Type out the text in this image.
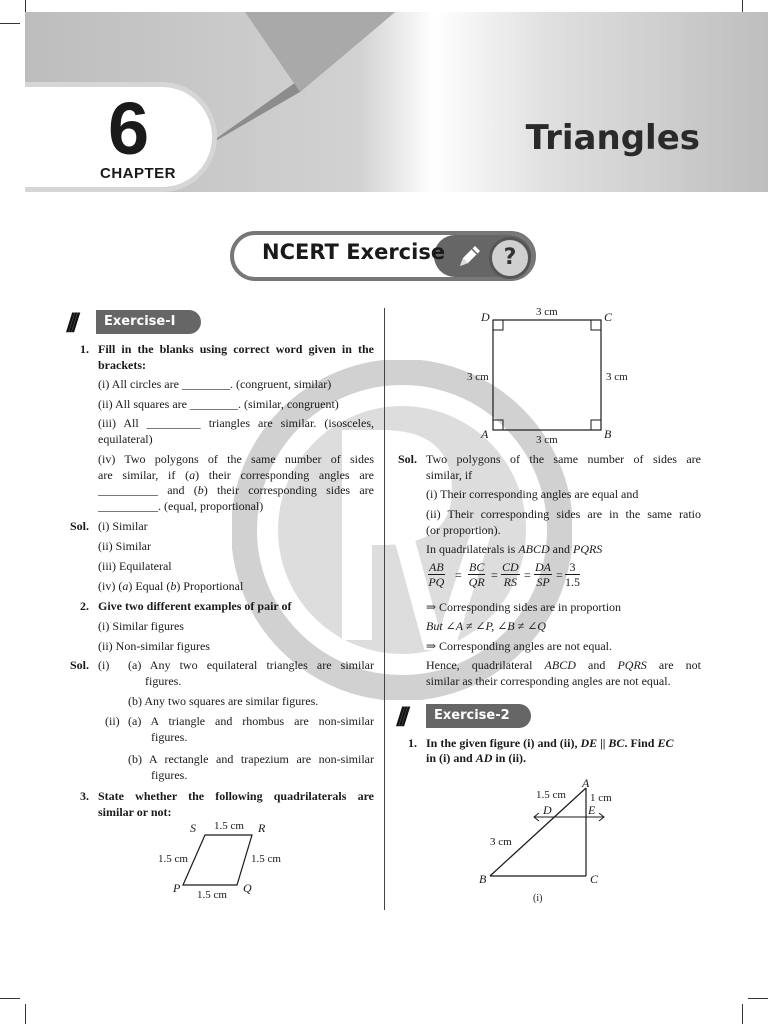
6
CHAPTER
Triangles
NCERT Exercise	?
///	Exercise-I
1. Fill in the blanks using correct word given in the
brackets:
(i) All circles are ________. (congruent, similar)
(ii) All squares are ________. (similar, congruent)
(iii) All _________ triangles are similar. (isosceles,
equilateral)
(iv) Two polygons of the same number of sides
are similar, if (a) their corresponding angles are
__________ and (b) their corresponding sides are
__________. (equal, proportional)
Sol. (i) Similar
(ii) Similar
(iii) Equilateral
(iv) (a) Equal (b) Proportional
2. Give two different examples of pair of
(i) Similar figures
(ii) Non-similar figures
Sol. (i) (a) Any two equilateral triangles are similar
figures.
(b) Any two squares are similar figures.
(ii) (a) A triangle and rhombus are non-similar
figures.
(b) A rectangle and trapezium are non-similar
figures.
3. State whether the following quadrilaterals are
similar or not:
S	R
P	Q
1.5 cm
1.5 cm	1.5 cm
1.5 cm
D	C
A	B
3 cm
3 cm	3 cm
3 cm
Sol. Two polygons of the same number of sides are
similar, if
(i) Their corresponding angles are equal and
(ii) Their corresponding sides are in the same ratio
(or proportion).
In quadrilaterals is ABCD and PQRS
$\frac{AB}{PQ} = \frac{BC}{QR} = \frac{CD}{RS} = \frac{DA}{SP} = \frac{3}{1.5}$
⇒ Corresponding sides are in proportion
But ∠A ≠ ∠P, ∠B ≠ ∠Q
⇒ Corresponding angles are not equal.
Hence, quadrilateral ABCD and PQRS are not
similar as their corresponding angles are not equal.
///	Exercise-2
1. In the given figure (i) and (ii), DE || BC. Find EC
in (i) and AD in (ii).
A
D	E
B	C
1.5 cm 1 cm
3 cm
(i)
